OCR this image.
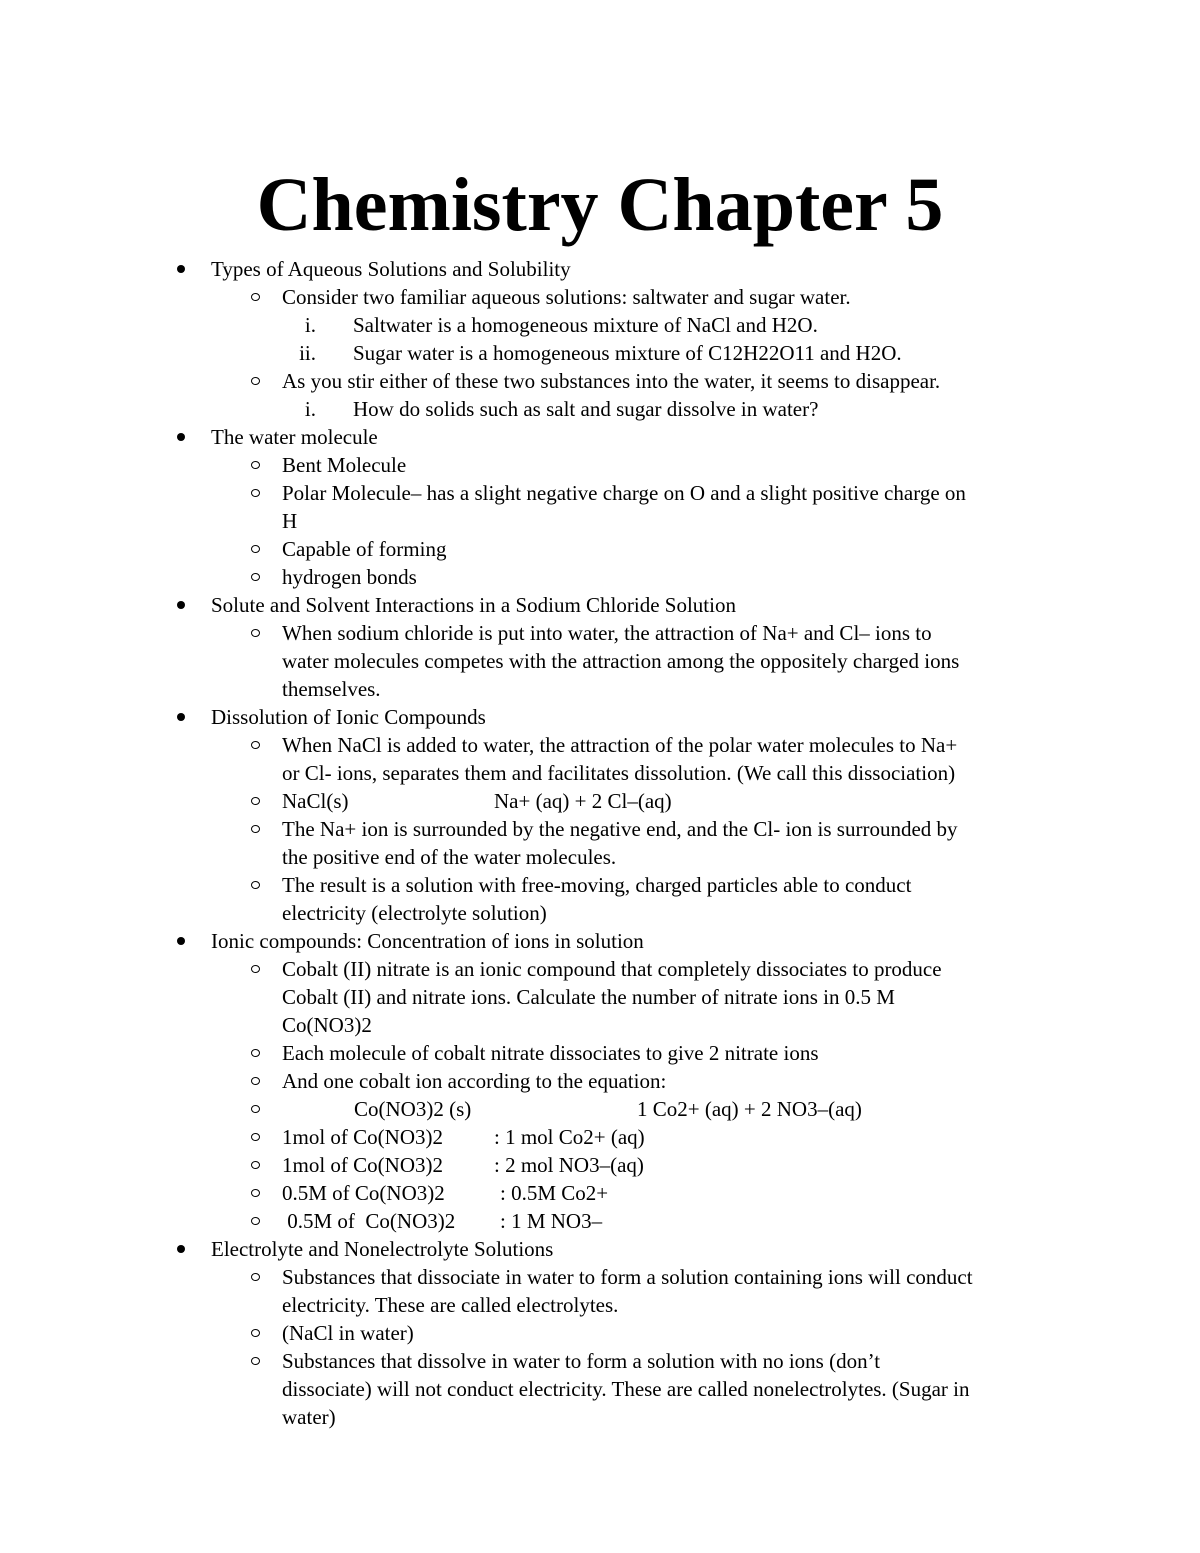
Chemistry Chapter 5
Types of Aqueous Solutions and Solubility
Consider two familiar aqueous solutions: saltwater and sugar water.
i. Saltwater is a homogeneous mixture of NaCl and H2O.
ii. Sugar water is a homogeneous mixture of C12H22O11 and H2O.
As you stir either of these two substances into the water, it seems to disappear.
i. How do solids such as salt and sugar dissolve in water?
The water molecule
Bent Molecule
Polar Molecule– has a slight negative charge on O and a slight positive charge on
H
Capable of forming
hydrogen bonds
Solute and Solvent Interactions in a Sodium Chloride Solution
When sodium chloride is put into water, the attraction of Na+ and Cl– ions to
water molecules competes with the attraction among the oppositely charged ions
themselves.
Dissolution of Ionic Compounds
When NaCl is added to water, the attraction of the polar water molecules to Na+
or Cl- ions, separates them and facilitates dissolution. (We call this dissociation)
NaCl(s)	Na+ (aq) + 2 Cl–(aq)
The Na+ ion is surrounded by the negative end, and the Cl- ion is surrounded by
the positive end of the water molecules.
The result is a solution with free-moving, charged particles able to conduct
electricity (electrolyte solution)
Ionic compounds: Concentration of ions in solution
Cobalt (II) nitrate is an ionic compound that completely dissociates to produce
Cobalt (II) and nitrate ions. Calculate the number of nitrate ions in 0.5 M
Co(NO3)2
Each molecule of cobalt nitrate dissociates to give 2 nitrate ions
And one cobalt ion according to the equation:
Co(NO3)2 (s)	1 Co2+ (aq) + 2 NO3–(aq)
1mol of Co(NO3)2 : 1 mol Co2+ (aq)
1mol of Co(NO3)2 : 2 mol NO3–(aq)
0.5M of Co(NO3)2	: 0.5M Co2+
0.5M of  Co(NO3)2 : 1 M NO3–
Electrolyte and Nonelectrolyte Solutions
Substances that dissociate in water to form a solution containing ions will conduct
electricity. These are called electrolytes.
(NaCl in water)
Substances that dissolve in water to form a solution with no ions (don’t
dissociate) will not conduct electricity. These are called nonelectrolytes. (Sugar in
water)
